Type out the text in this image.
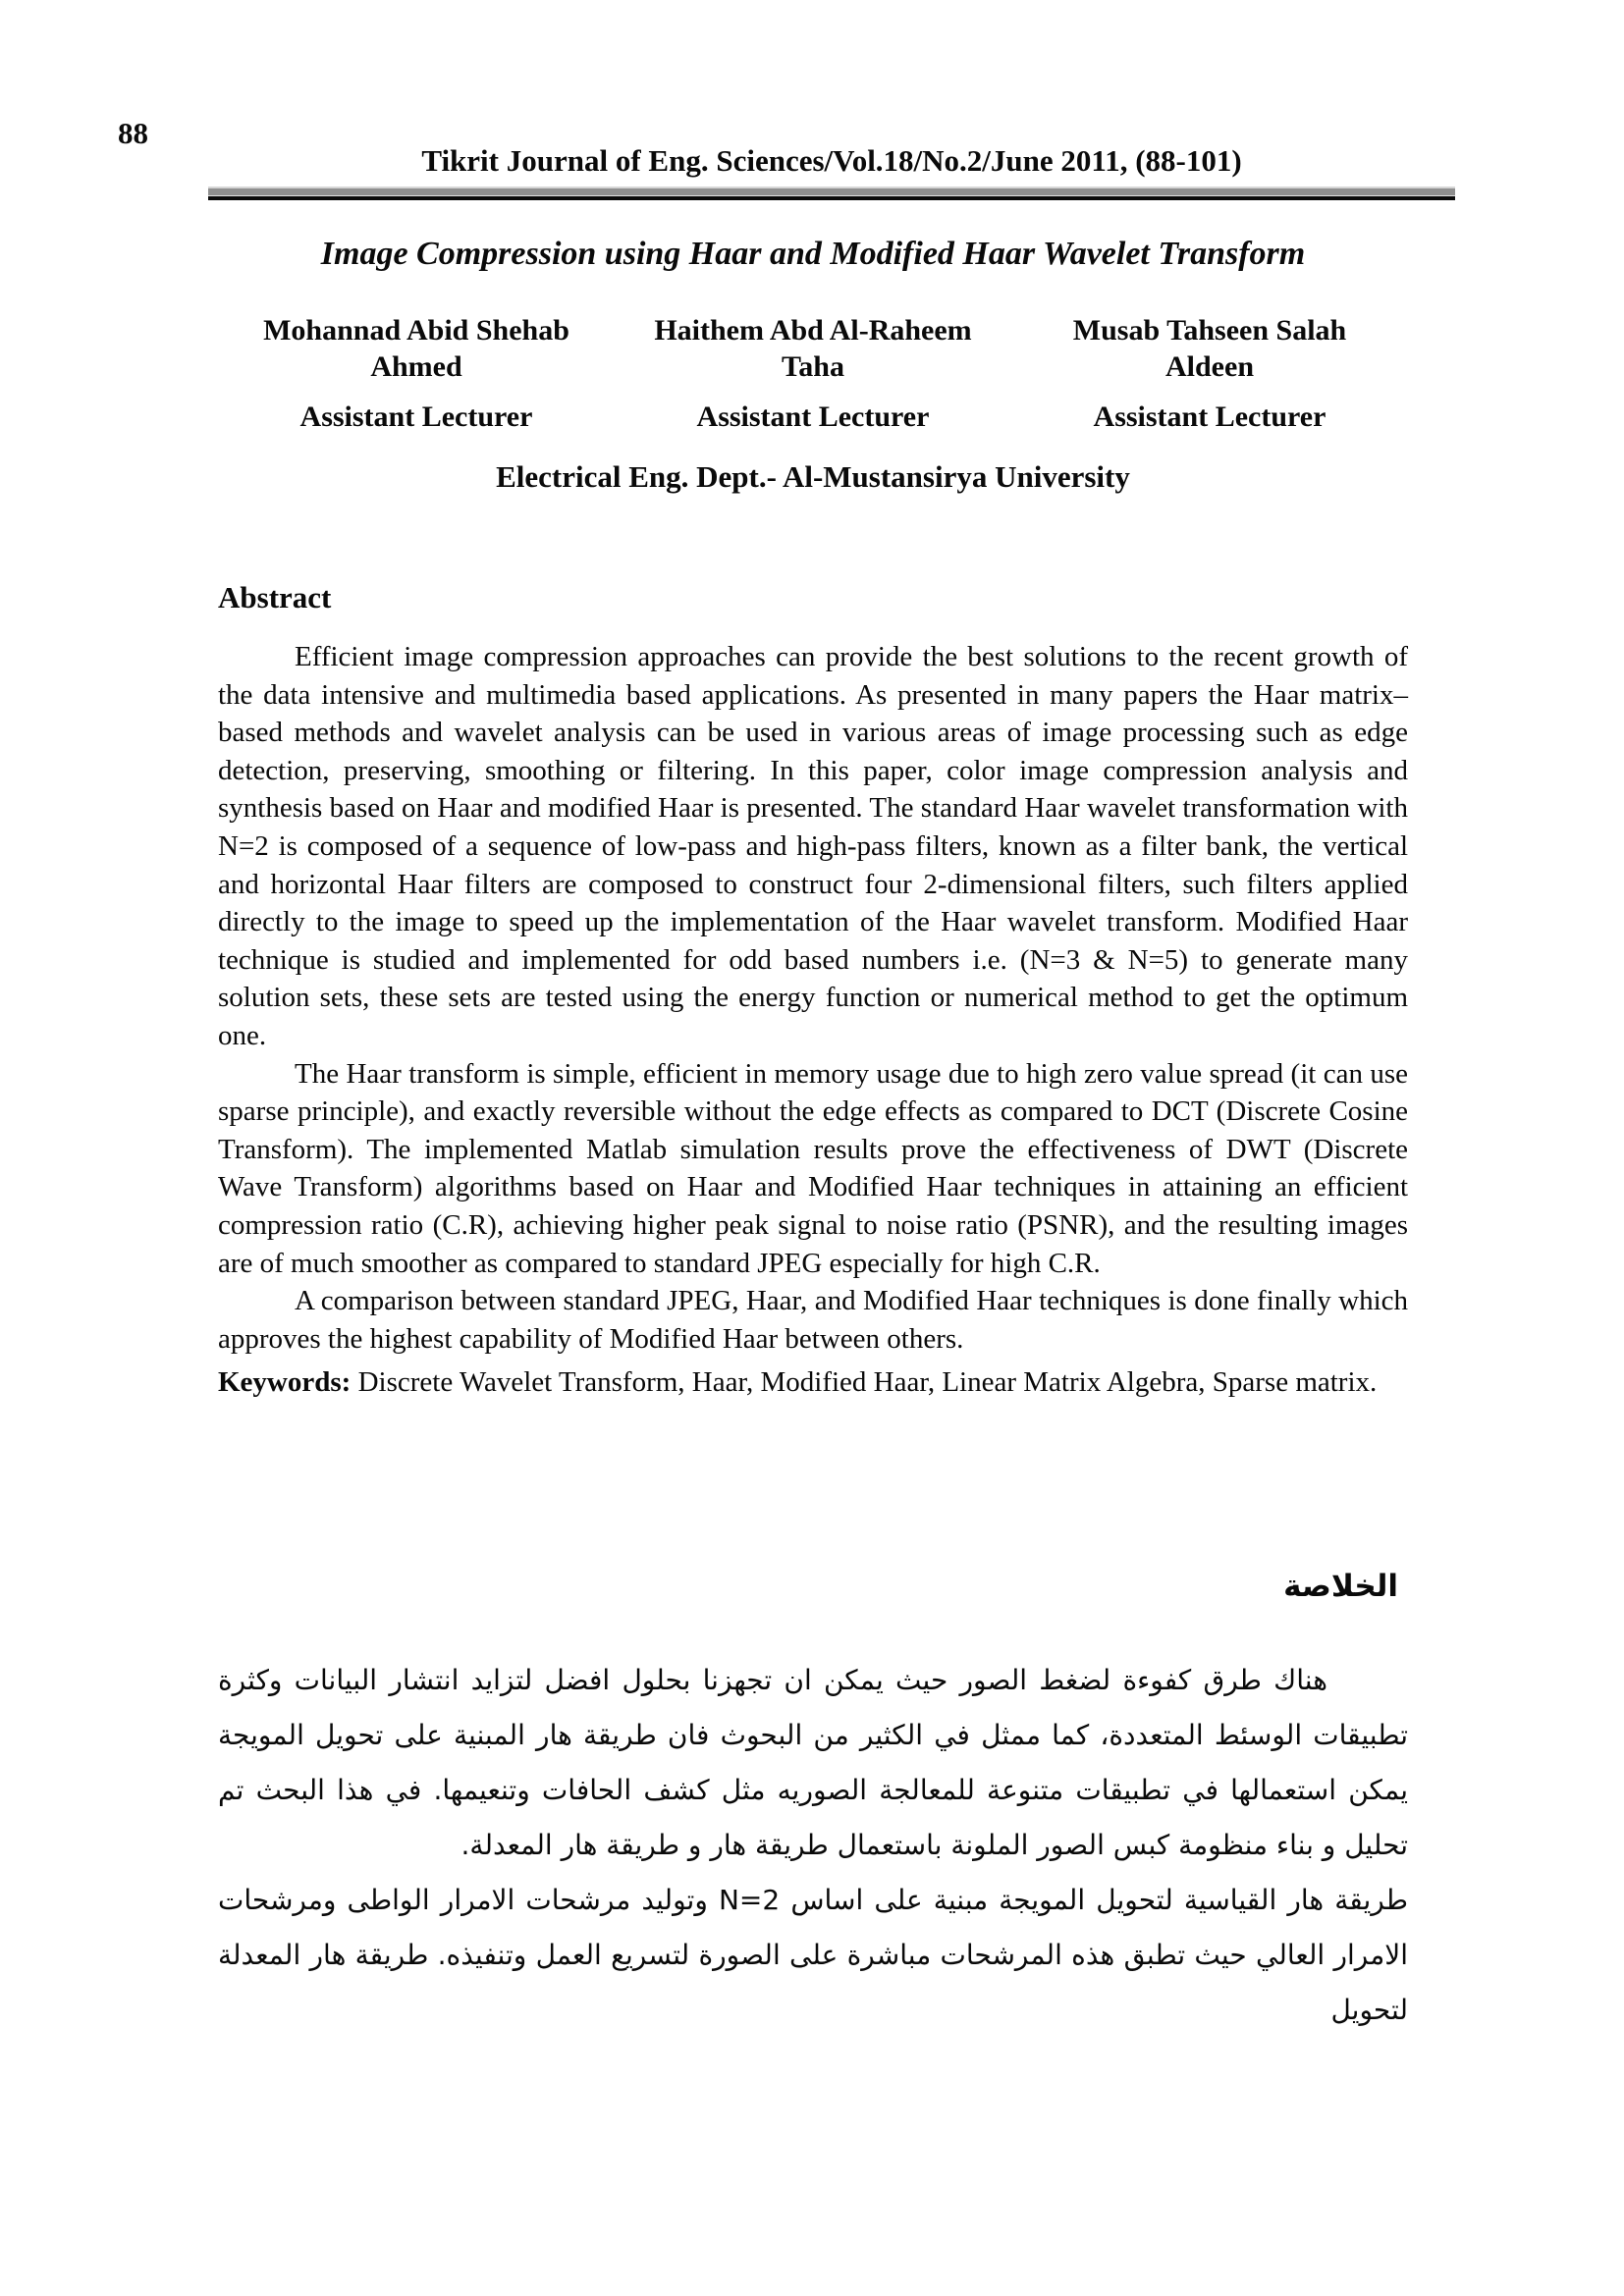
88
Tikrit Journal of Eng. Sciences/Vol.18/No.2/June 2011, (88-101)
Image Compression using Haar and Modified Haar Wavelet Transform
Mohannad Abid Shehab
Ahmed
Assistant Lecturer
Haithem Abd Al-Raheem
Taha
Assistant Lecturer
Musab Tahseen Salah
Aldeen
Assistant Lecturer
Electrical Eng. Dept.- Al-Mustansirya University
Abstract

Efficient image compression approaches can provide the best solutions to the recent growth of the data intensive and multimedia based applications. As presented in many papers the Haar matrix–based methods and wavelet analysis can be used in various areas of image processing such as edge detection, preserving, smoothing or filtering. In this paper, color image compression analysis and synthesis based on Haar and modified Haar is presented. The standard Haar wavelet transformation with N=2 is composed of a sequence of low-pass and high-pass filters, known as a filter bank, the vertical and horizontal Haar filters are composed to construct four 2-dimensional filters, such filters applied directly to the image to speed up the implementation of the Haar wavelet transform. Modified Haar technique is studied and implemented for odd based numbers i.e. (N=3 & N=5) to generate many solution sets, these sets are tested using the energy function or numerical method to get the optimum one.

The Haar transform is simple, efficient in memory usage due to high zero value spread (it can use sparse principle), and exactly reversible without the edge effects as compared to DCT (Discrete Cosine Transform). The implemented Matlab simulation results prove the effectiveness of DWT (Discrete Wave Transform) algorithms based on Haar and Modified Haar techniques in attaining an efficient compression ratio (C.R), achieving higher peak signal to noise ratio (PSNR), and the resulting images are of much smoother as compared to standard JPEG especially for high C.R.

A comparison between standard JPEG, Haar, and Modified Haar techniques is done finally which approves the highest capability of Modified Haar between others.

Keywords: Discrete Wavelet Transform, Haar, Modified Haar, Linear Matrix Algebra, Sparse matrix.

الخلاصة

هناك طرق كفوءة لضغط الصور حيث يمكن ان تجهزنا بحلول افضل لتزايد انتشار البيانات وكثرة تطبيقات الوسئط المتعددة، كما ممثل في الكثير من البحوث فان طريقة هار المبنية على تحويل المويجة يمكن استعمالها في تطبيقات متنوعة للمعالجة الصوريه مثل كشف الحافات وتنعيمها. في هذا البحث تم تحليل و بناء منظومة كبس الصور الملونة باستعمال طريقة هار و طريقة هار المعدلة.

طريقة هار القياسية لتحويل المويجة مبنية على اساس N=2 وتوليد مرشحات الامرار الواطى ومرشحات الامرار العالي حيث تطبق هذه المرشحات مباشرة على الصورة لتسريع العمل وتنفيذه. طريقة هار المعدلة لتحويل
